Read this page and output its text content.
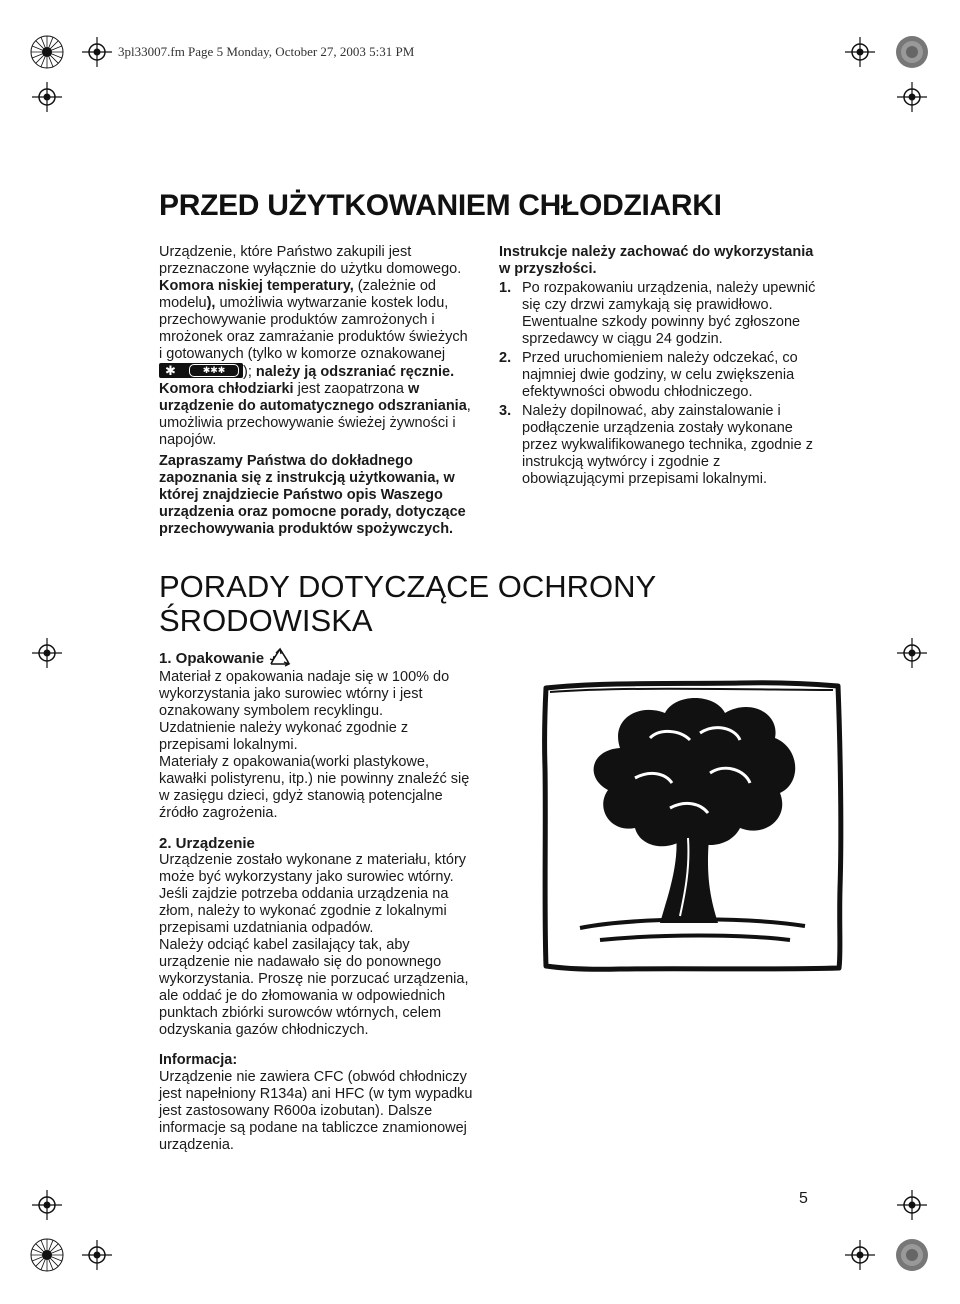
3pl33007.fm Page 5 Monday, October 27, 2003 5:31 PM
PRZED UŻYTKOWANIEM CHŁODZIARKI

Urządzenie, które Państwo zakupili jest przeznaczone wyłącznie do użytku domowego.

Komora niskiej temperatury, (zależnie od modelu), umożliwia wytwarzanie kostek lodu, przechowywanie produktów zamrożonych i mrożonek oraz zamrażanie produktów świeżych i gotowanych (tylko w komorze oznakowanej
✱	✱✱✱	); należy ją odszraniać ręcznie. Komora chłodziarki jest zaopatrzona w urządzenie do automatycznego odszraniania, umożliwia przechowywanie świeżej żywności i napojów.

Zapraszamy Państwa do dokładnego zapoznania się z instrukcją użytkowania, w której znajdziecie Państwo opis Waszego urządzenia oraz pomocne porady, dotyczące przechowywania produktów spożywczych.

Instrukcje należy zachować do wykorzystania w przyszłości.

1. Po rozpakowaniu urządzenia, należy upewnić się czy drzwi zamykają się prawidłowo.
Ewentualne szkody powinny być zgłoszone sprzedawcy w ciągu 24 godzin.
2. Przed uruchomieniem należy odczekać, co najmniej dwie godziny, w celu zwiększenia efektywności obwodu chłodniczego.
3. Należy dopilnować, aby zainstalowanie i podłączenie urządzenia zostały wykonane przez wykwalifikowanego technika, zgodnie z instrukcją wytwórcy i zgodnie z obowiązującymi przepisami lokalnymi.
PORADY DOTYCZĄCE OCHRONY
ŚRODOWISKA
1. Opakowanie

Materiał z opakowania nadaje się w 100% do wykorzystania jako surowiec wtórny i jest oznakowany symbolem recyklingu.

Uzdatnienie należy wykonać zgodnie z przepisami lokalnymi.

Materiały z opakowania(worki plastykowe, kawałki polistyrenu, itp.) nie powinny znaleźć się w zasięgu dzieci, gdyż stanowią potencjalne źródło zagrożenia.

2. Urządzenie

Urządzenie zostało wykonane z materiału, który może być wykorzystany jako surowiec wtórny. Jeśli zajdzie potrzeba oddania urządzenia na złom, należy to wykonać zgodnie z lokalnymi przepisami uzdatniania odpadów.

Należy odciąć kabel zasilający tak, aby urządzenie nie nadawało się do ponownego wykorzystania. Proszę nie porzucać urządzenia, ale oddać je do złomowania w odpowiednich punktach zbiórki surowców wtórnych, celem odzyskania gazów chłodniczych.

Informacja:

Urządzenie nie zawiera CFC (obwód chłodniczy jest napełniony R134a) ani HFC (w tym wypadku jest zastosowany R600a izobutan). Dalsze informacje są podane na tabliczce znamionowej urządzenia.

5
